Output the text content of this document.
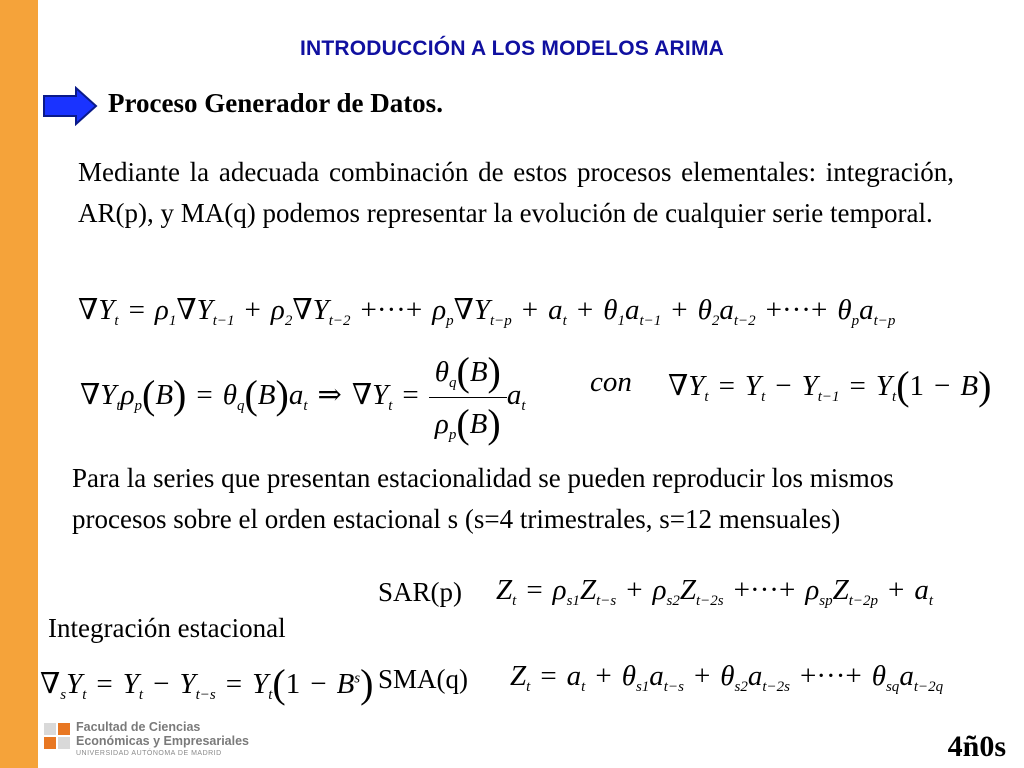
INTRODUCCIÓN A LOS MODELOS ARIMA
Proceso Generador de Datos.
Mediante la adecuada combinación de estos procesos elementales: integración, AR(p), y MA(q) podemos representar la evolución de cualquier serie temporal.
$\nabla Y_t = \rho_1\nabla Y_{t-1} + \rho_2\nabla Y_{t-2}$ +···+ $\rho_p\nabla Y_{t-p} + a_t + \theta_1a_{t-1} + \theta_2a_{t-2}$ +···+ $\theta_pa_{t-p}$
$\nabla Y_t\rho_p(B) = \theta_q(B)a_t$ ⇒ $\nabla Y_t = \frac{\theta_q(B)}{\rho_p(B)} a_t$
con $\nabla Y_t = Y_t - Y_{t-1} = Y_t(1 - B)$
Para la series que presentan estacionalidad se pueden reproducir los mismos procesos sobre el orden estacional s (s=4 trimestrales, s=12 mensuales)
SAR(p) $Z_t = \rho_{s1}Z_{t-s} + \rho_{s2}Z_{t-2s}$ +···+ $\rho_{sp}Z_{t-2p} + a_t$
Integración estacional
$\nabla_sY_t = Y_t - Y_{t-s} = Y_t(1 - B^s)$ SMA(q) $Z_t = a_t + \theta_{s1}a_{t-s} + \theta_{s2}a_{t-2s}$ +···+ $\theta_{sq}a_{t-2q}$
Facultad de Ciencias
Económicas y Empresariales
UNIVERSIDAD AUTÓNOMA DE MADRID	4ñ0s
